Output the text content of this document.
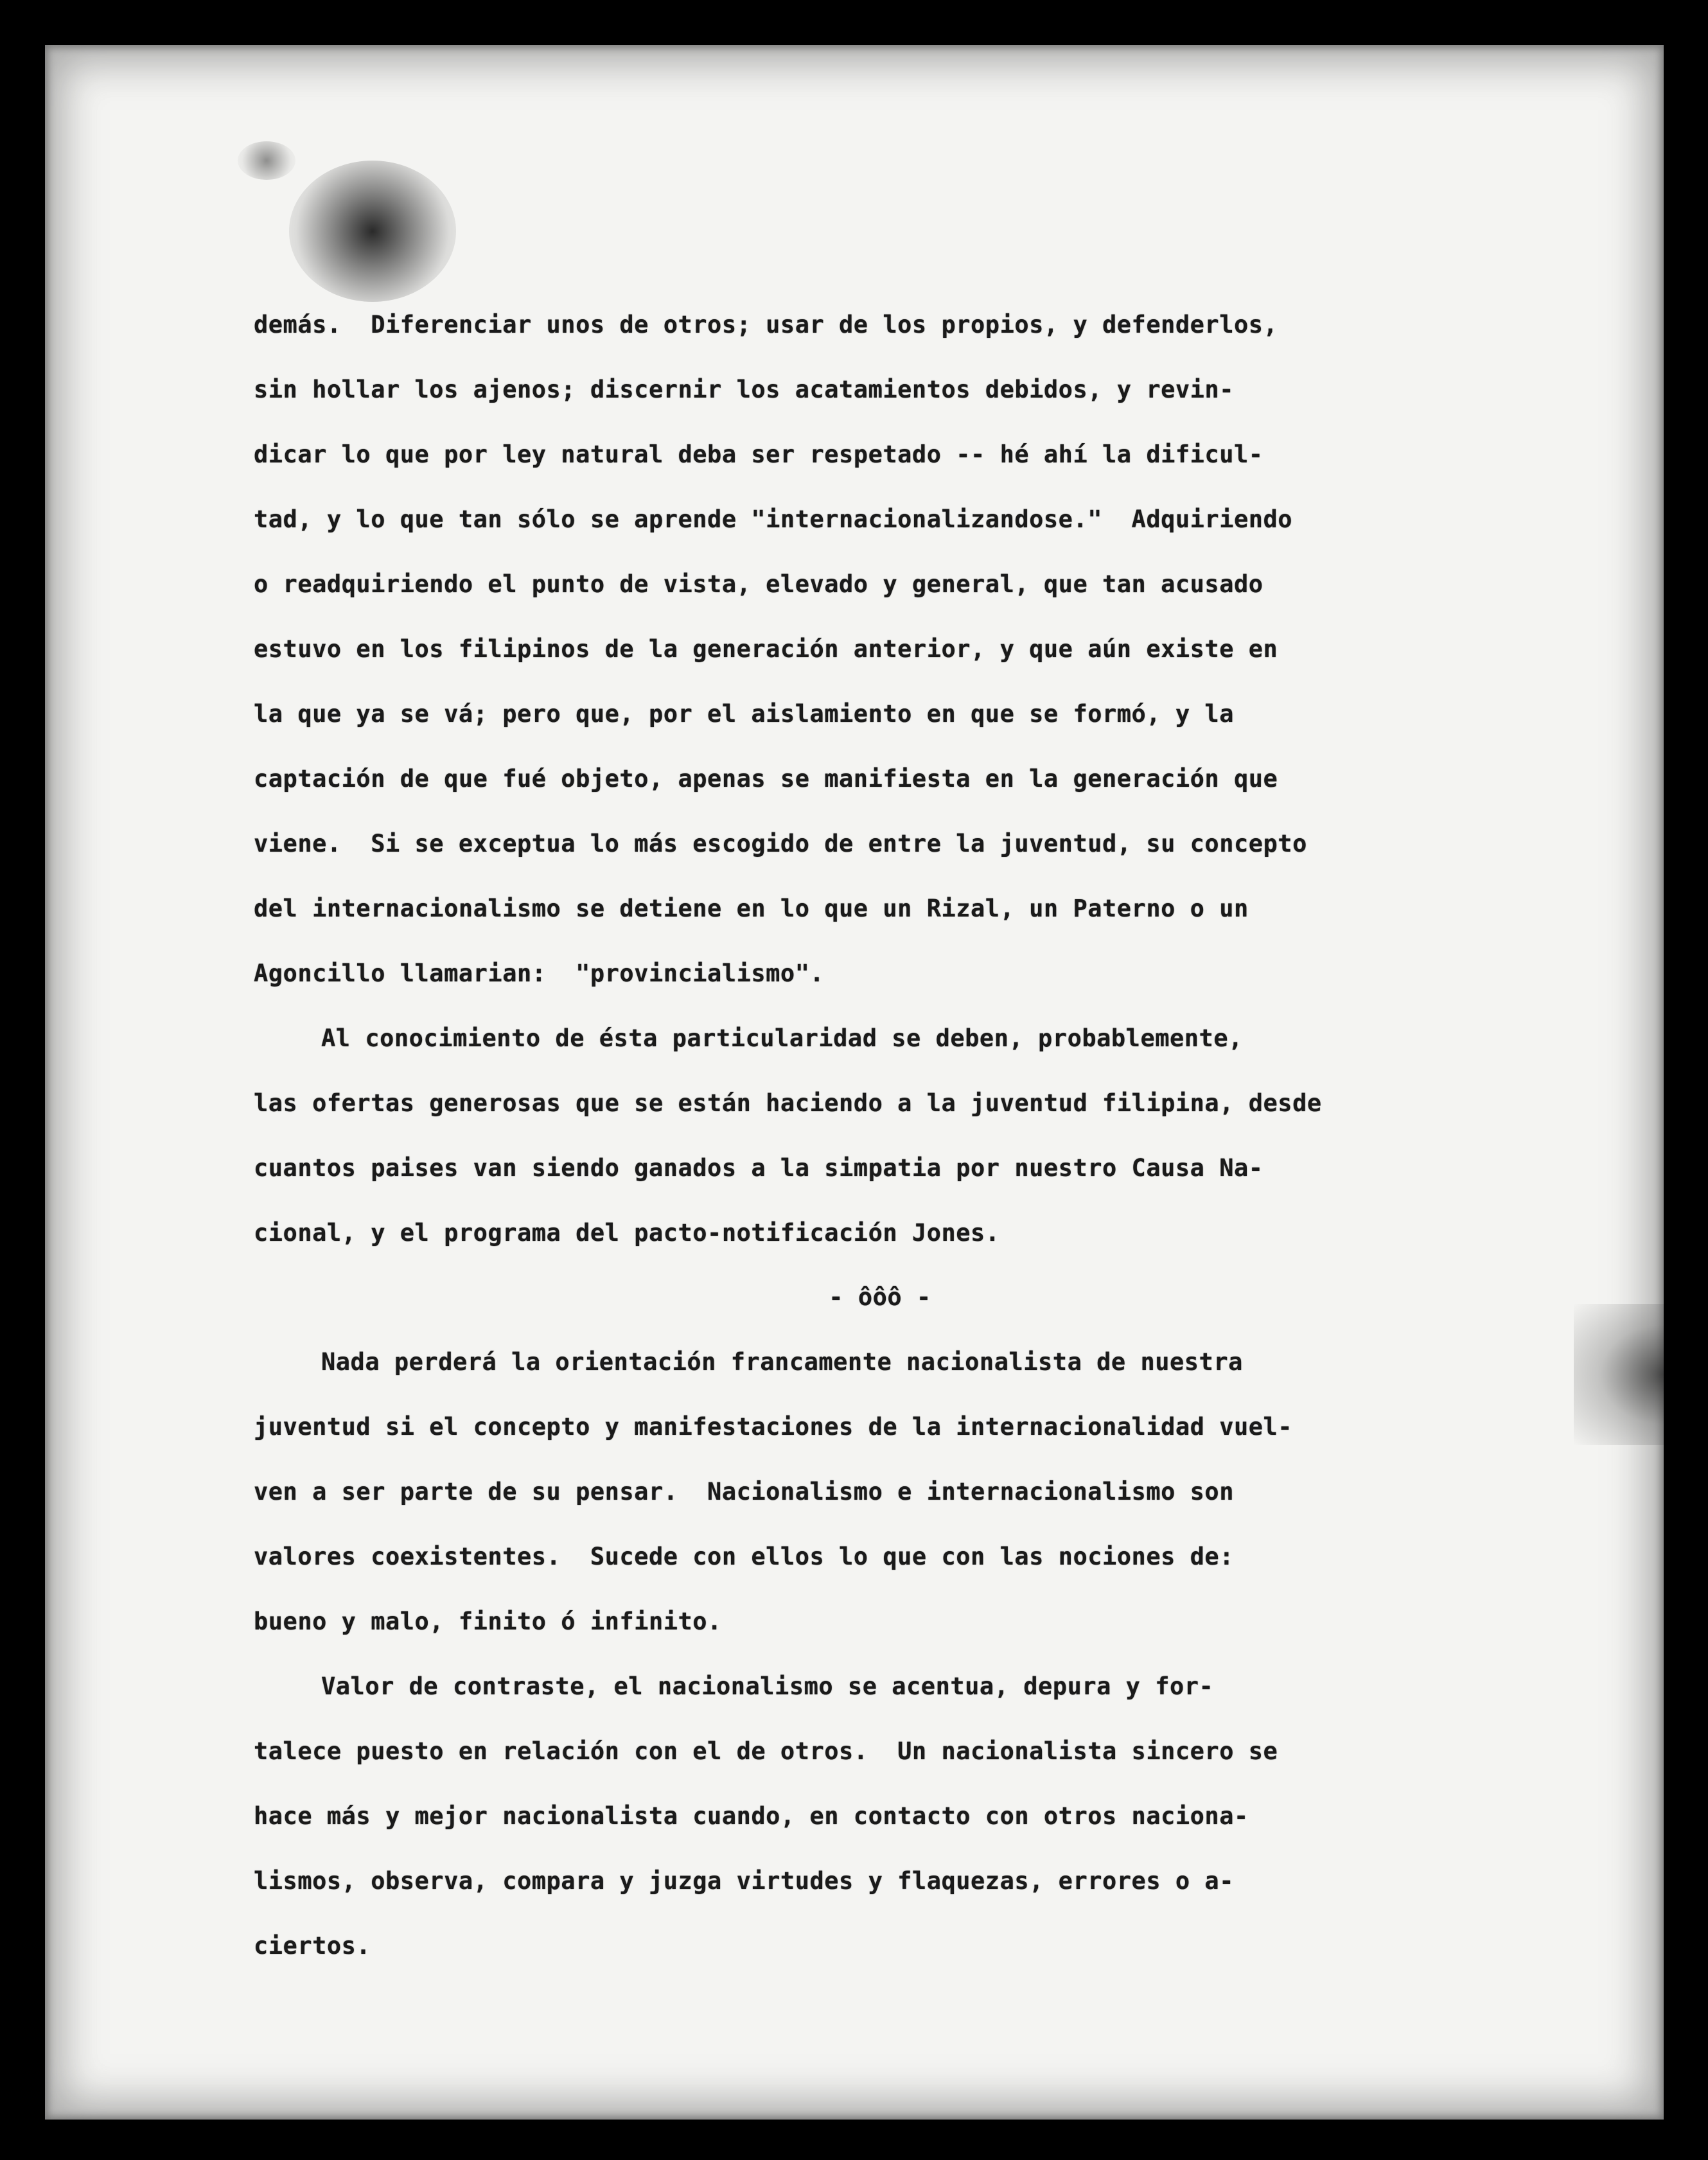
demás.  Diferenciar unos de otros; usar de los propios, y defenderlos,
sin hollar los ajenos; discernir los acatamientos debidos, y revin-
dicar lo que por ley natural deba ser respetado -- hé ahí la dificul-
tad, y lo que tan sólo se aprende "internacionalizandose."  Adquiriendo
o readquiriendo el punto de vista, elevado y general, que tan acusado
estuvo en los filipinos de la generación anterior, y que aún existe en
la que ya se vá; pero que, por el aislamiento en que se formó, y la
captación de que fué objeto, apenas se manifiesta en la generación que
viene.  Si se exceptua lo más escogido de entre la juventud, su concepto
del internacionalismo se detiene en lo que un Rizal, un Paterno o un
Agoncillo llamarian:  "provincialismo".
Al conocimiento de ésta particularidad se deben, probablemente,
las ofertas generosas que se están haciendo a la juventud filipina, desde
cuantos paises van siendo ganados a la simpatia por nuestro Causa Na-
cional, y el programa del pacto-notificación Jones.
- ôôô -
Nada perderá la orientación francamente nacionalista de nuestra
juventud si el concepto y manifestaciones de la internacionalidad vuel-
ven a ser parte de su pensar.  Nacionalismo e internacionalismo son
valores coexistentes.  Sucede con ellos lo que con las nociones de:
bueno y malo, finito ó infinito.
Valor de contraste, el nacionalismo se acentua, depura y for-
talece puesto en relación con el de otros.  Un nacionalista sincero se
hace más y mejor nacionalista cuando, en contacto con otros nacionа-
lismos, observa, compara y juzga virtudes y flaquezas, errores o a-
ciertos.
